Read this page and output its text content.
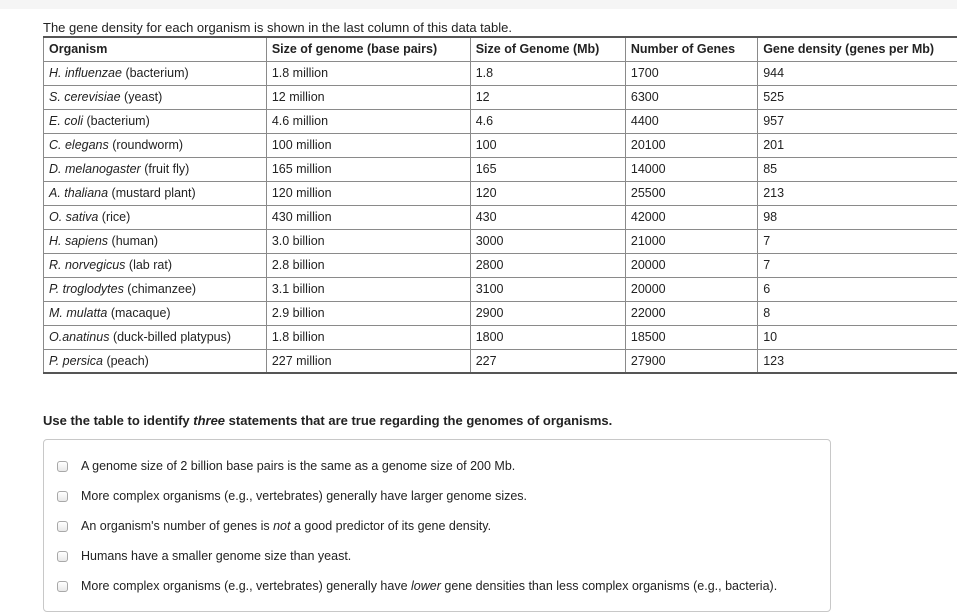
The gene density for each organism is shown in the last column of this data table.
Organism	Size of genome (base pairs)	Size of Genome (Mb)	Number of Genes	Gene density (genes per Mb)
H. influenzae (bacterium)	1.8 million	1.8	1700	944
S. cerevisiae (yeast)	12 million	12	6300	525
E. coli (bacterium)	4.6 million	4.6	4400	957
C. elegans (roundworm)	100 million	100	20100	201
D. melanogaster (fruit fly)	165 million	165	14000	85
A. thaliana (mustard plant)	120 million	120	25500	213
O. sativa (rice)	430 million	430	42000	98
H. sapiens (human)	3.0 billion	3000	21000	7
R. norvegicus (lab rat)	2.8 billion	2800	20000	7
P. troglodytes (chimanzee)	3.1 billion	3100	20000	6
M. mulatta (macaque)	2.9 billion	2900	22000	8
O.anatinus (duck-billed platypus)	1.8 billion	1800	18500	10
P. persica (peach)	227 million	227	27900	123
Use the table to identify three statements that are true regarding the genomes of organisms.
A genome size of 2 billion base pairs is the same as a genome size of 200 Mb.
More complex organisms (e.g., vertebrates) generally have larger genome sizes.
An organism's number of genes is not a good predictor of its gene density.
Humans have a smaller genome size than yeast.
More complex organisms (e.g., vertebrates) generally have lower gene densities than less complex organisms (e.g., bacteria).
